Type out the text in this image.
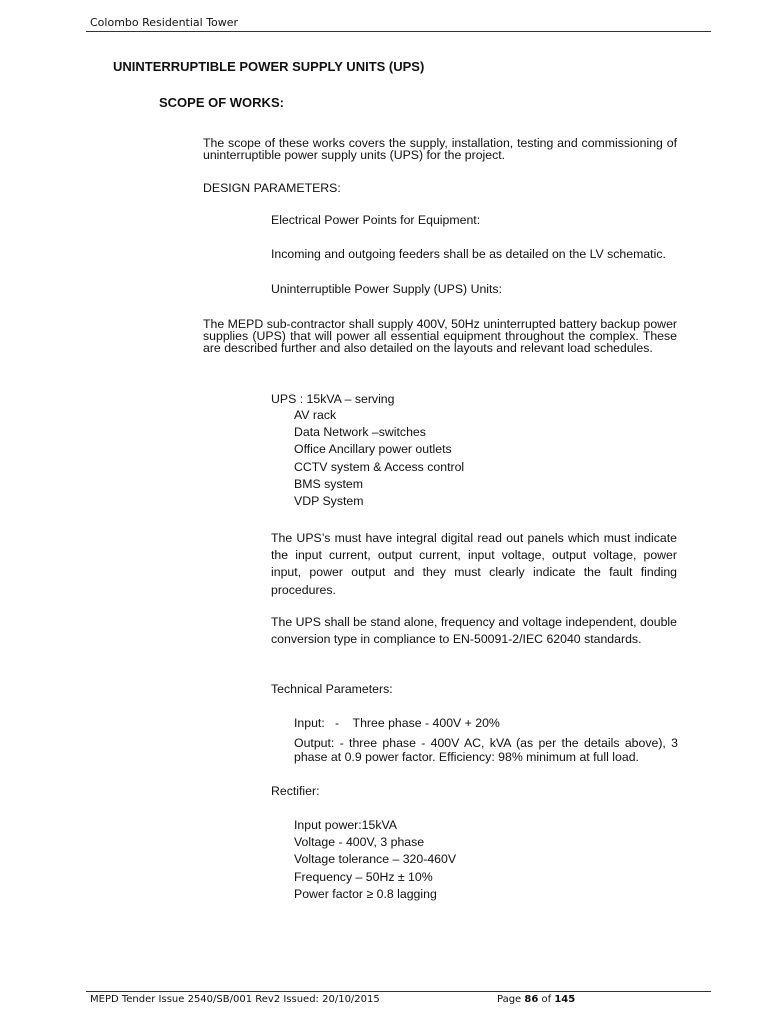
Colombo Residential Tower
UNINTERRUPTIBLE POWER SUPPLY UNITS (UPS)
SCOPE OF WORKS:
The scope of these works covers the supply, installation, testing and commissioning of uninterruptible power supply units (UPS) for the project.
DESIGN PARAMETERS:
Electrical Power Points for Equipment:
Incoming and outgoing feeders shall be as detailed on the LV schematic.
Uninterruptible Power Supply (UPS) Units:
The MEPD sub-contractor shall supply 400V, 50Hz uninterrupted battery backup power supplies (UPS) that will power all essential equipment throughout the complex. These are described further and also detailed on the layouts and relevant load schedules.
UPS : 15kVA – serving
AV rack
Data Network –switches
Office Ancillary power outlets
CCTV system & Access control
BMS system
VDP System
The UPS’s must have integral digital read out panels which must indicate the input current, output current, input voltage, output voltage, power input, power output and they must clearly indicate the fault finding procedures.
The UPS shall be stand alone, frequency and voltage independent, double conversion type in compliance to EN-50091-2/IEC 62040 standards.
Technical Parameters:
Input:   -    Three phase - 400V + 20%
Output: - three phase - 400V AC, kVA (as per the details above), 3 phase at 0.9 power factor. Efficiency: 98% minimum at full load.
Rectifier:
Input power:15kVA
Voltage - 400V, 3 phase
Voltage tolerance – 320-460V
Frequency – 50Hz ± 10%
Power factor ≥ 0.8 lagging
MEPD Tender Issue 2540/SB/001 Rev2 Issued: 20/10/2015	Page 86 of 145
